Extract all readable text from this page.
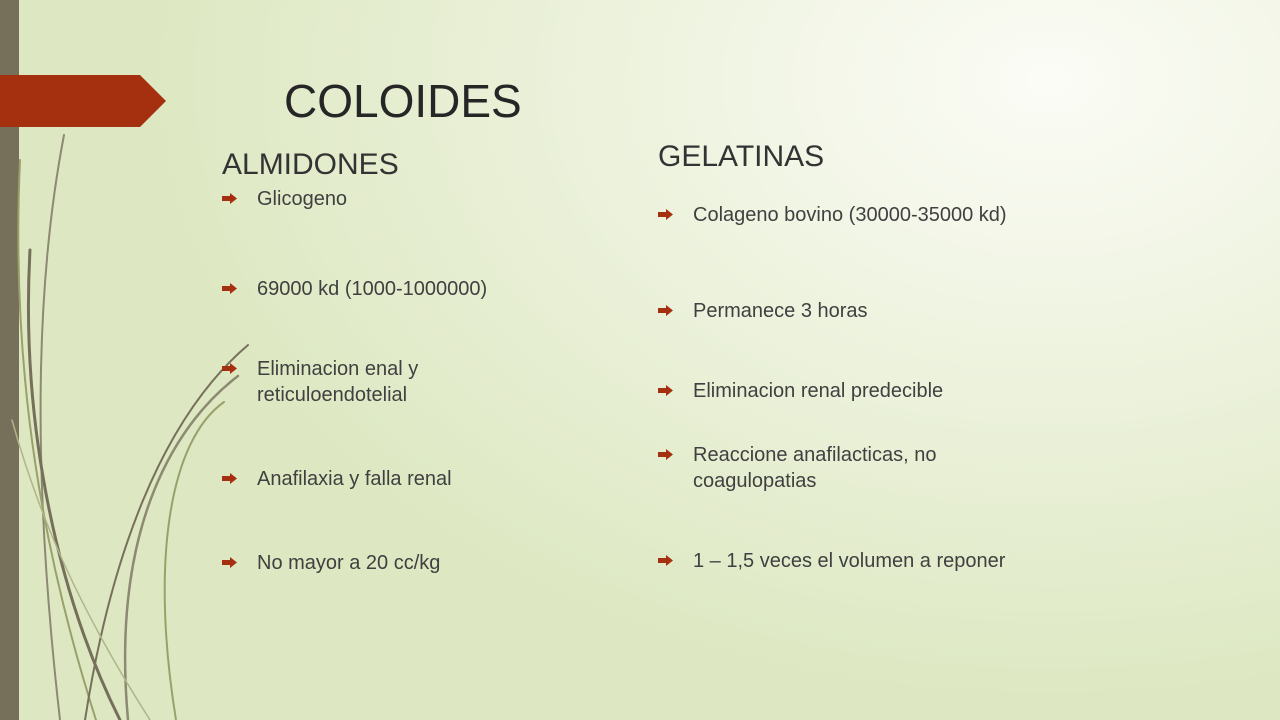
COLOIDES
ALMIDONES	GELATINAS
Glicogeno
69000 kd (1000-1000000)
Eliminacion enal y reticuloendotelial
Anafilaxia y falla renal
No mayor a 20 cc/kg
Colageno bovino (30000-35000 kd)
Permanece 3 horas
Eliminacion renal predecible
Reaccione anafilacticas, no coagulopatias
1 – 1,5 veces el volumen a reponer
